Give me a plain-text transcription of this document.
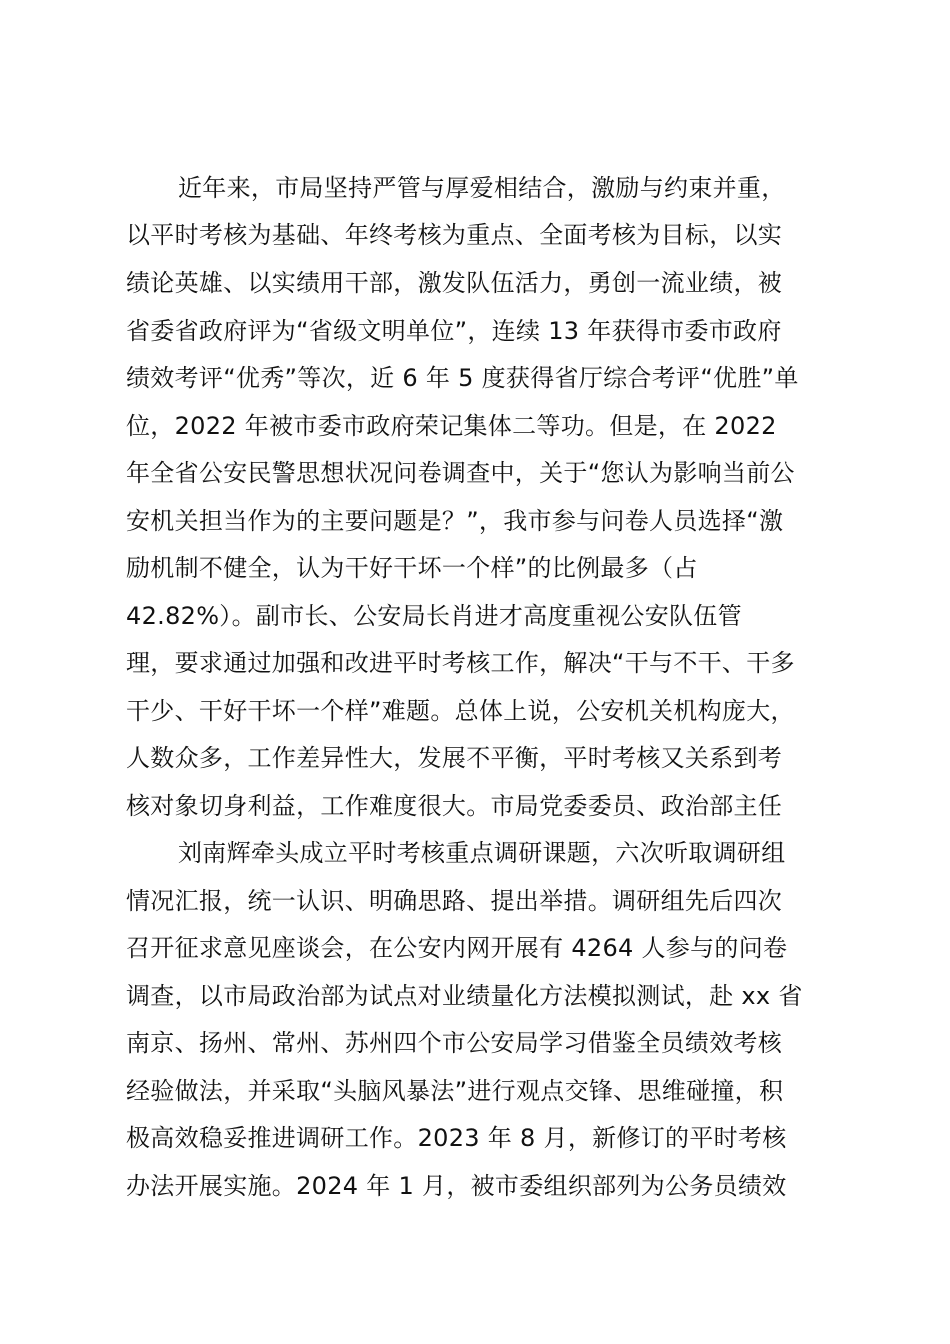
近年来，市局坚持严管与厚爱相结合，激励与约束并重，
以平时考核为基础、年终考核为重点、全面考核为目标，以实
绩论英雄、以实绩用干部，激发队伍活力，勇创一流业绩，被
省委省政府评为“省级文明单位”，连续 13 年获得市委市政府
绩效考评“优秀”等次，近 6 年 5 度获得省厅综合考评“优胜”单
位，2022 年被市委市政府荣记集体二等功。但是，在 2022
年全省公安民警思想状况问卷调查中，关于“您认为影响当前公
安机关担当作为的主要问题是？”，我市参与问卷人员选择“激
励机制不健全，认为干好干坏一个样”的比例最多（占
42.82%）。副市长、公安局长肖进才高度重视公安队伍管
理，要求通过加强和改进平时考核工作，解决“干与不干、干多
干少、干好干坏一个样”难题。总体上说，公安机关机构庞大，
人数众多，工作差异性大，发展不平衡，平时考核又关系到考
核对象切身利益，工作难度很大。市局党委委员、政治部主任
刘南辉牵头成立平时考核重点调研课题，六次听取调研组
情况汇报，统一认识、明确思路、提出举措。调研组先后四次
召开征求意见座谈会，在公安内网开展有 4264 人参与的问卷
调查，以市局政治部为试点对业绩量化方法模拟测试，赴 xx 省
南京、扬州、常州、苏州四个市公安局学习借鉴全员绩效考核
经验做法，并采取“头脑风暴法”进行观点交锋、思维碰撞，积
极高效稳妥推进调研工作。2023 年 8 月，新修订的平时考核
办法开展实施。2024 年 1 月，被市委组织部列为公务员绩效
